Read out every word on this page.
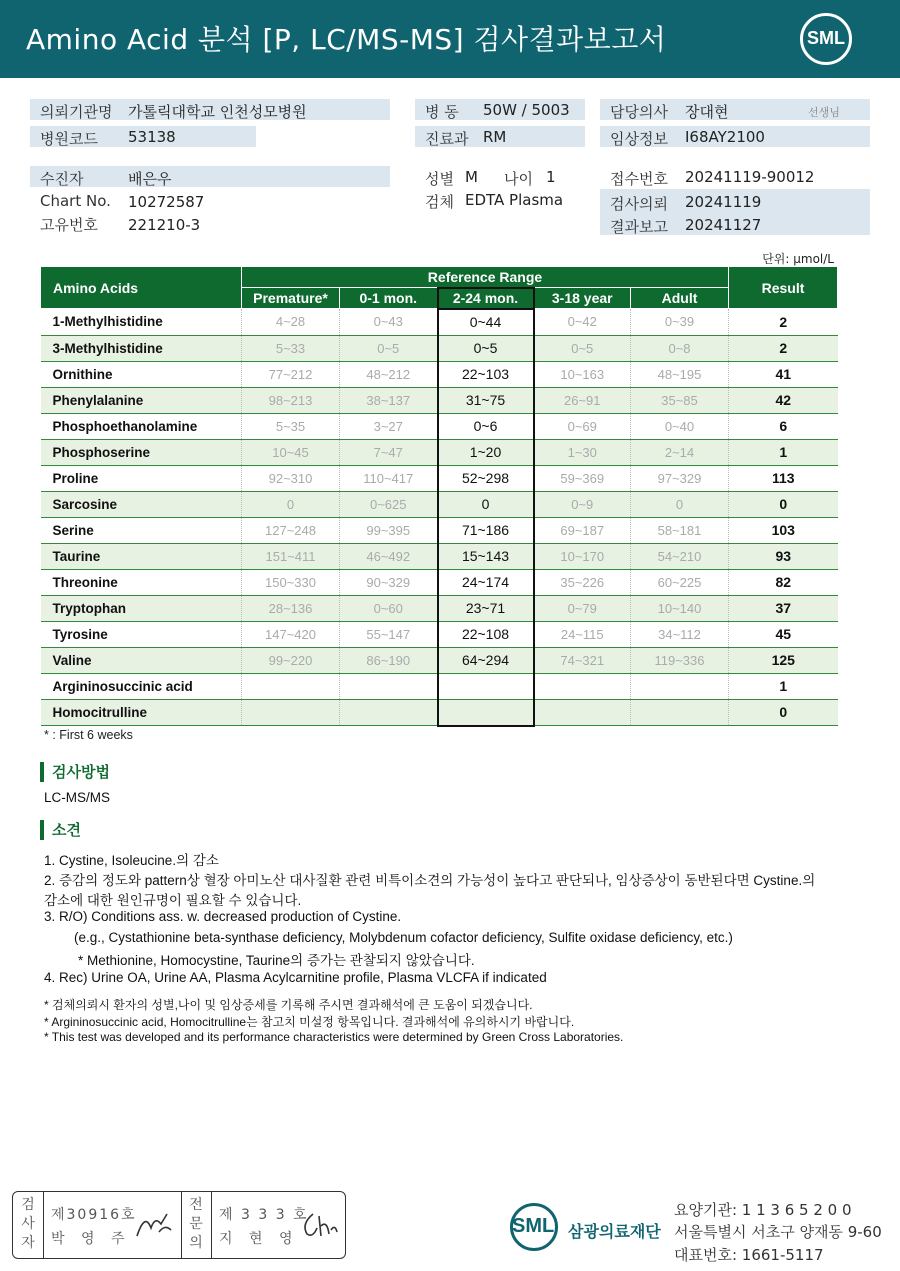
Amino Acid 분석 [P, LC/MS-MS] 검사결과보고서	SML
의뢰기관명 가톨릭대학교 인천성모병원
병원코드 53138
병 동 50W / 5003
진료과 RM
담당의사 장대현	선생님
임상정보 I68AY2100
수진자	배은우
Chart No. 10272587
고유번호 221210-3
성별 M 나이 1
검체 EDTA Plasma
접수번호 20241119-90012
검사의뢰 20241119
결과보고 20241127
단위: μmol/L
Amino Acids	Reference Range					Result
	Premature*	0-1 mon.	2-24 mon.	3-18 year	Adult	
1-Methylhistidine	4~28	0~43	0~44	0~42	0~39	2
3-Methylhistidine	5~33	0~5	0~5	0~5	0~8	2
Ornithine	77~212	48~212	22~103	10~163	48~195	41
Phenylalanine	98~213	38~137	31~75	26~91	35~85	42
Phosphoethanolamine	5~35	3~27	0~6	0~69	0~40	6
Phosphoserine	10~45	7~47	1~20	1~30	2~14	1
Proline	92~310	110~417	52~298	59~369	97~329	113
Sarcosine	0	0~625	0	0~9	0	0
Serine	127~248	99~395	71~186	69~187	58~181	103
Taurine	151~411	46~492	15~143	10~170	54~210	93
Threonine	150~330	90~329	24~174	35~226	60~225	82
Tryptophan	28~136	0~60	23~71	0~79	10~140	37
Tyrosine	147~420	55~147	22~108	24~115	34~112	45
Valine	99~220	86~190	64~294	74~321	119~336	125
Argininosuccinic acid						1
Homocitrulline						0
* : First 6 weeks
검사방법
LC-MS/MS
소견
1. Cystine, Isoleucine.의 감소
2. 증감의 정도와 pattern상 혈장 아미노산 대사질환 관련 비특이소견의 가능성이 높다고 판단되나, 임상증상이 동반된다면 Cystine.의
감소에 대한 원인규명이 필요할 수 있습니다.
3. R/O) Conditions ass. w. decreased production of Cystine.
(e.g., Cystathionine beta-synthase deficiency, Molybdenum cofactor deficiency, Sulfite oxidase deficiency, etc.)
* Methionine, Homocystine, Taurine의 증가는 관찰되지 않았습니다.
4. Rec) Urine OA, Urine AA, Plasma Acylcarnitine profile, Plasma VLCFA if indicated
* 검체의뢰시 환자의 성별,나이 및 임상증세를 기록해 주시면 결과해석에 큰 도움이 되겠습니다.
* Argininosuccinic acid, Homocitrulline는 참고치 미설정 항목입니다. 결과해석에 유의하시기 바랍니다.
* This test was developed and its performance characteristics were determined by Green Cross Laboratories.
검
사
자
제30916호
박 영 주
전
문
의
제 3 3 3 호
지 현 영
SML 삼광의료재단
요양기관: 1 1 3 6 5 2 0 0
서울특별시 서초구 양재동 9-60
대표번호: 1661-5117
